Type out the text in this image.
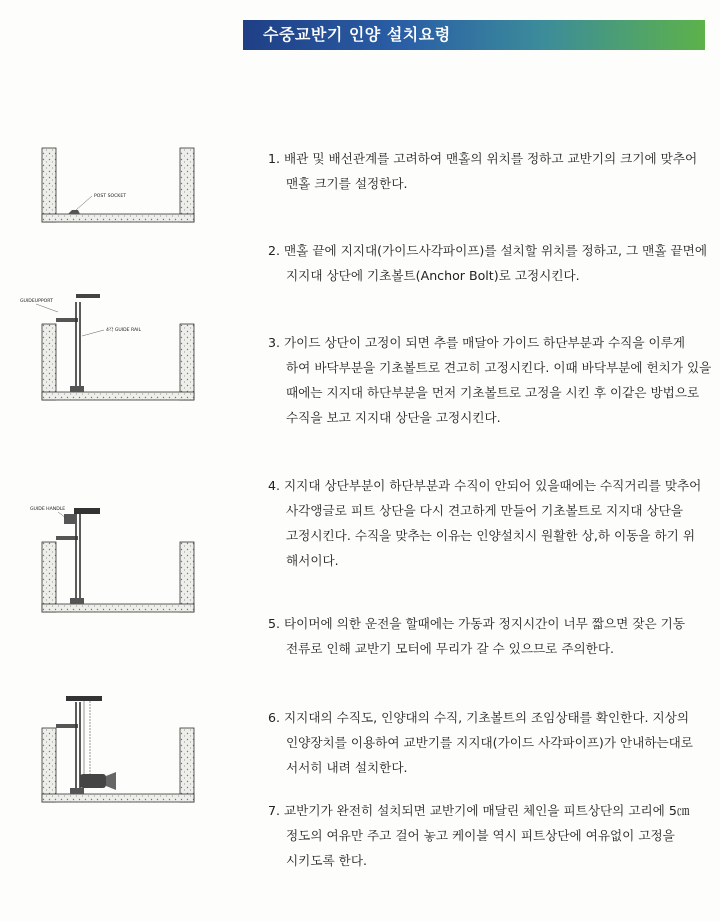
수중교반기 인양 설치요령

1. 배관 및 배선관계를 고려하여 맨홀의 위치를 정하고 교반기의 크기에 맞추어

맨홀 크기를 설정한다.

2. 맨홀 끝에 지지대(가이드사각파이프)를 설치할 위치를 정하고, 그 맨홀 끝면에

지지대 상단에 기초볼트(Anchor Bolt)로 고정시킨다.

3. 가이드 상단이 고정이 되면 추를 매달아 가이드 하단부분과 수직을 이루게

하여 바닥부분을 기초볼트로 견고히 고정시킨다. 이때 바닥부분에 헌치가 있을

때에는 지지대 하단부분을 먼저 기초볼트로 고정을 시킨 후 이같은 방법으로

수직을 보고 지지대 상단을 고정시킨다.

4. 지지대 상단부분이 하단부분과 수직이 안되어 있을때에는 수직거리를 맞추어

사각앵글로 피트 상단을 다시 견고하게 만들어 기초볼트로 지지대 상단을

고정시킨다. 수직을 맞추는 이유는 인양설치시 원활한 상,하 이동을 하기 위

해서이다.

5. 타이머에 의한 운전을 할때에는 가동과 정지시간이 너무 짧으면 잦은 기동

전류로 인해 교반기 모터에 무리가 갈 수 있으므로 주의한다.

6. 지지대의 수직도, 인양대의 수직, 기초볼트의 조임상태를 확인한다. 지상의

인양장치를 이용하여 교반기를 지지대(가이드 사각파이프)가 안내하는대로

서서히 내려 설치한다.

7. 교반기가 완전히 설치되면 교반기에 매달린 체인을 피트상단의 고리에 5㎝

정도의 여유만 주고 걸어 놓고 케이블 역시 피트상단에 여유없이 고정을

시키도록 한다.

POST SOCKET
GUIDEUPPORT
4각 GUIDE RAIL
GUIDE HANDLE
